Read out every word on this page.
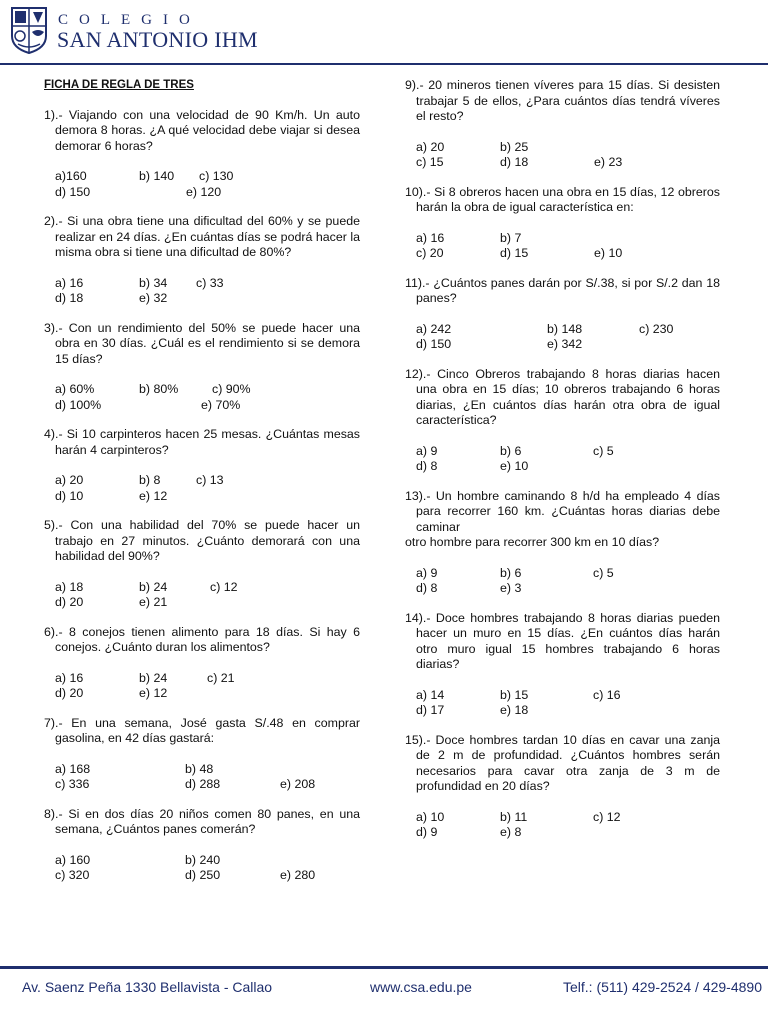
COLEGIO
SAN ANTONIO IHM
FICHA DE REGLA DE TRES
1).- Viajando con una velocidad de 90 Km/h. Un auto demora 8 horas. ¿A qué velocidad debe viajar si desea demorar 6 horas?
a)160	b) 140 c) 130
d) 150	e) 120
2).- Si una obra tiene una dificultad del 60% y se puede realizar en 24 días. ¿En cuántas días se podrá hacer la misma obra si tiene una dificultad de 80%?
a) 16	b) 34 c) 33
d) 18	e) 32
3).- Con un rendimiento del 50% se puede hacer una obra en 30 días. ¿Cuál es el rendimiento si se demora 15 días?
a) 60%	b) 80%	c) 90%
d) 100%	e) 70%
4).- Si 10 carpinteros hacen 25 mesas. ¿Cuántas mesas harán 4 carpinteros?
a) 20	b) 8	c) 13
d) 10	e) 12
5).- Con una habilidad del 70% se puede hacer un trabajo en 27 minutos. ¿Cuánto demorará con una habilidad del 90%?
a) 18	b) 24	c) 12
d) 20	e) 21
6).- 8 conejos tienen alimento para 18 días. Si hay 6 conejos. ¿Cuánto duran los alimentos?
a) 16	b) 24	c) 21
d) 20	e) 12
7).- En una semana, José gasta S/.48 en comprar gasolina, en 42 días gastará:
a) 168	b) 48
c) 336	d) 288	e) 208
8).- Si en dos días 20 niños comen 80 panes, en una semana, ¿Cuántos panes comerán?
a) 160	b) 240
c) 320	d) 250	e) 280
9).- 20 mineros tienen víveres para 15 días. Si desisten trabajar 5 de ellos, ¿Para cuántos días tendrá víveres el resto?
a) 20	b) 25
c) 15	d) 18	e) 23
10).- Si 8 obreros hacen una obra en 15 días, 12 obreros harán la obra de igual característica en:
a) 16	b) 7
c) 20	d) 15	e) 10
11).- ¿Cuántos panes darán por S/.38, si por S/.2 dan 18 panes?
a) 242	b) 148	c) 230
d) 150	e) 342
12).- Cinco Obreros trabajando 8 horas diarias hacen una obra en 15 días; 10 obreros trabajando 6 horas diarias, ¿En cuántos días harán otra obra de igual característica?
a) 9	b) 6	c) 5
d) 8	e) 10
13).- Un hombre caminando 8 h/d ha empleado 4 días para recorrer 160 km. ¿Cuántas horas diarias debe caminar
otro hombre para recorrer 300 km en 10 días?
a) 9	b) 6	c) 5
d) 8	e) 3
14).- Doce hombres trabajando 8 horas diarias pueden hacer un muro en 15 días. ¿En cuántos días harán otro muro igual 15 hombres trabajando 6 horas diarias?
a) 14	b) 15	c) 16
d) 17	e) 18
15).- Doce hombres tardan 10 días en cavar una zanja de 2 m de profundidad. ¿Cuántos hombres serán necesarios para cavar otra zanja de 3 m de profundidad en 20 días?
a) 10	b) 11	c) 12
d) 9	e) 8
Av. Saenz Peña 1330 Bellavista - Callao	www.csa.edu.pe	Telf.: (511) 429-2524 / 429-4890
